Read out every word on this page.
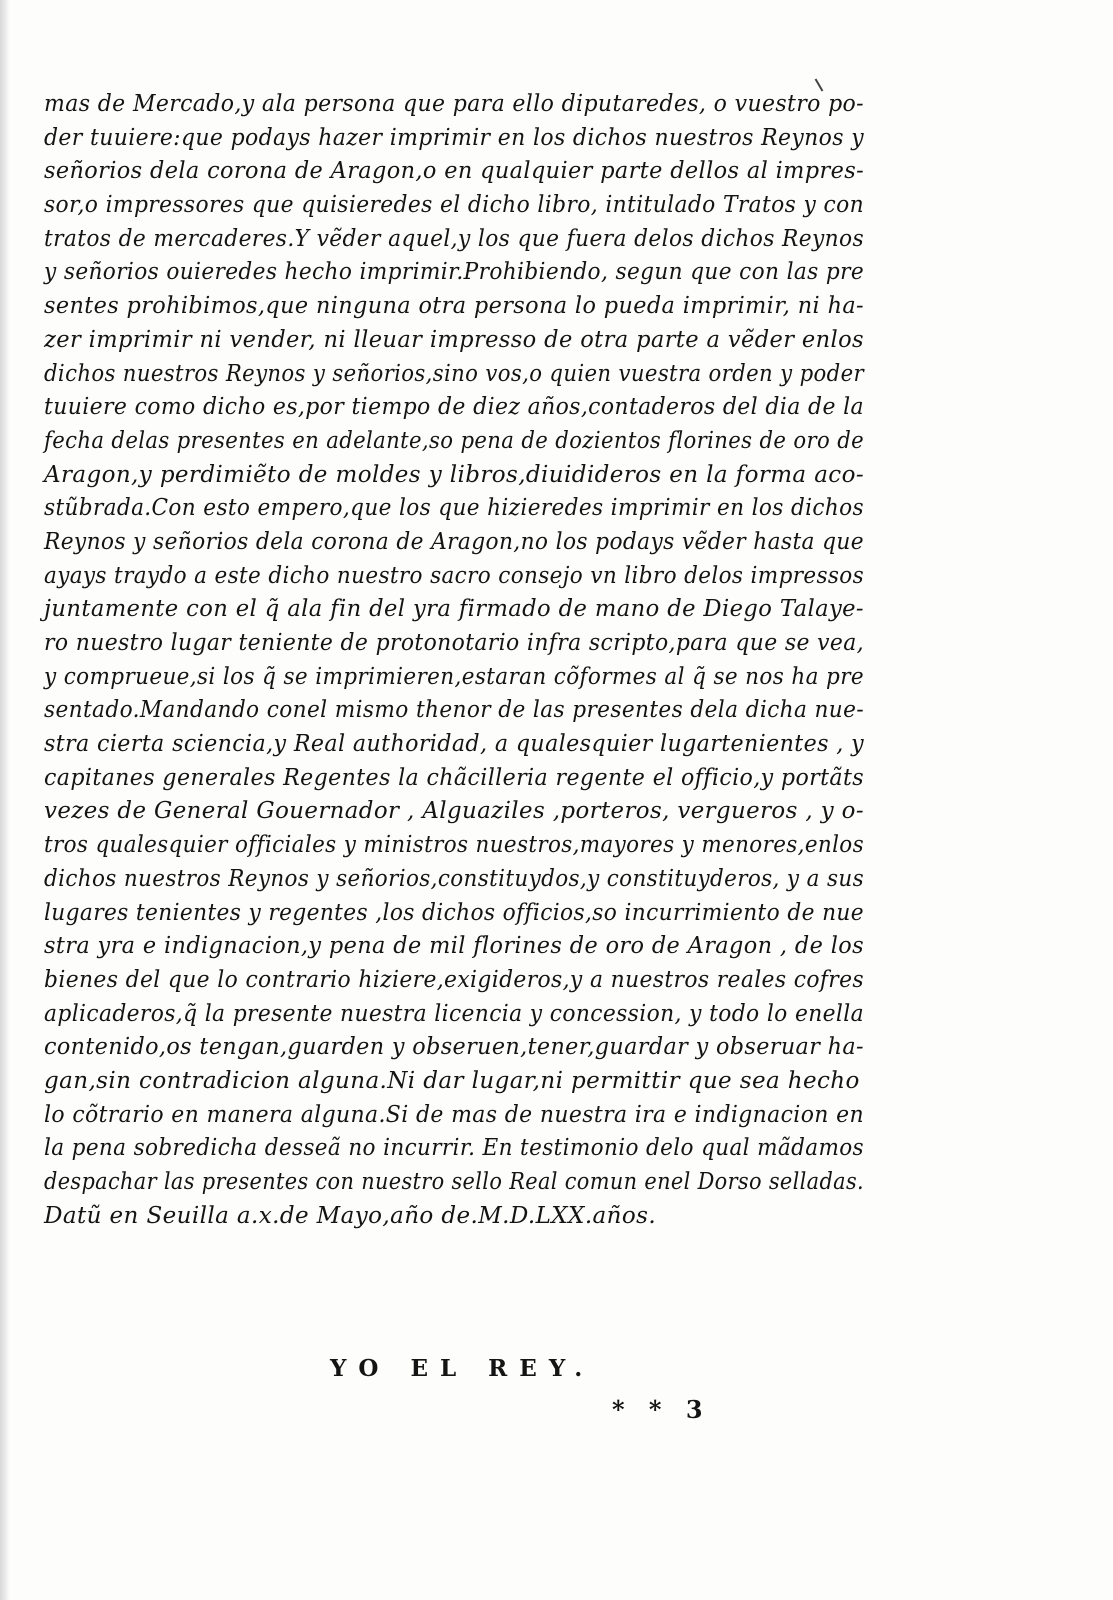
mas de Mercado,y ala persona que para ello diputaredes, o vuestro po-
der tuuiere:que podays hazer imprimir en los dichos nuestros Reynos y
señorios dela corona de Aragon,o en qualquier parte dellos al impres-
sor,o impressores que quisieredes el dicho libro, intitulado Tratos y con
tratos de mercaderes.Y vẽder aquel,y los que fuera delos dichos Reynos
y señorios ouieredes hecho imprimir.Prohibiendo, segun que con las pre
sentes prohibimos,que ninguna otra persona lo pueda imprimir, ni ha-
zer imprimir ni vender, ni lleuar impresso de otra parte a vẽder enlos
dichos nuestros Reynos y señorios,sino vos,o quien vuestra orden y poder
tuuiere como dicho es,por tiempo de diez años,contaderos del dia de la
fecha delas presentes en adelante,so pena de dozientos florines de oro de
Aragon,y perdimiẽto de moldes y libros,diuidideros en la forma aco-
stũbrada.Con esto empero,que los que hizieredes imprimir en los dichos
Reynos y señorios dela corona de Aragon,no los podays vẽder hasta que
ayays traydo a este dicho nuestro sacro consejo vn libro delos impressos
juntamente con el q̃ ala fin del yra firmado de mano de Diego Talaye-
ro nuestro lugar teniente de protonotario infra scripto,para que se vea,
y comprueue,si los q̃ se imprimieren,estaran cõformes al q̃ se nos ha pre
sentado.Mandando conel mismo thenor de las presentes dela dicha nue-
stra cierta sciencia,y Real authoridad, a qualesquier lugartenientes , y
capitanes generales Regentes la chãcilleria regente el officio,y portãts
vezes de General Gouernador , Alguaziles ,porteros, vergueros , y o-
tros qualesquier officiales y ministros nuestros,mayores y menores,enlos
dichos nuestros Reynos y señorios,constituydos,y constituyderos, y a sus
lugares tenientes y regentes ,los dichos officios,so incurrimiento de nue
stra yra e indignacion,y pena de mil florines de oro de Aragon , de los
bienes del que lo contrario hiziere,exigideros,y a nuestros reales cofres
aplicaderos,q̃ la presente nuestra licencia y concession, y todo lo enella
contenido,os tengan,guarden y obseruen,tener,guardar y obseruar ha-
gan,sin contradicion alguna.Ni dar lugar,ni permittir que sea hecho
lo cõtrario en manera alguna.Si de mas de nuestra ira e indignacion en
la pena sobredicha desseã no incurrir. En testimonio delo qual mãdamos
despachar las presentes con nuestro sello Real comun enel Dorso selladas.
Datũ en Seuilla a.x.de Mayo,año de.M.D.LXX.años.

YO EL REY.

* * 3
